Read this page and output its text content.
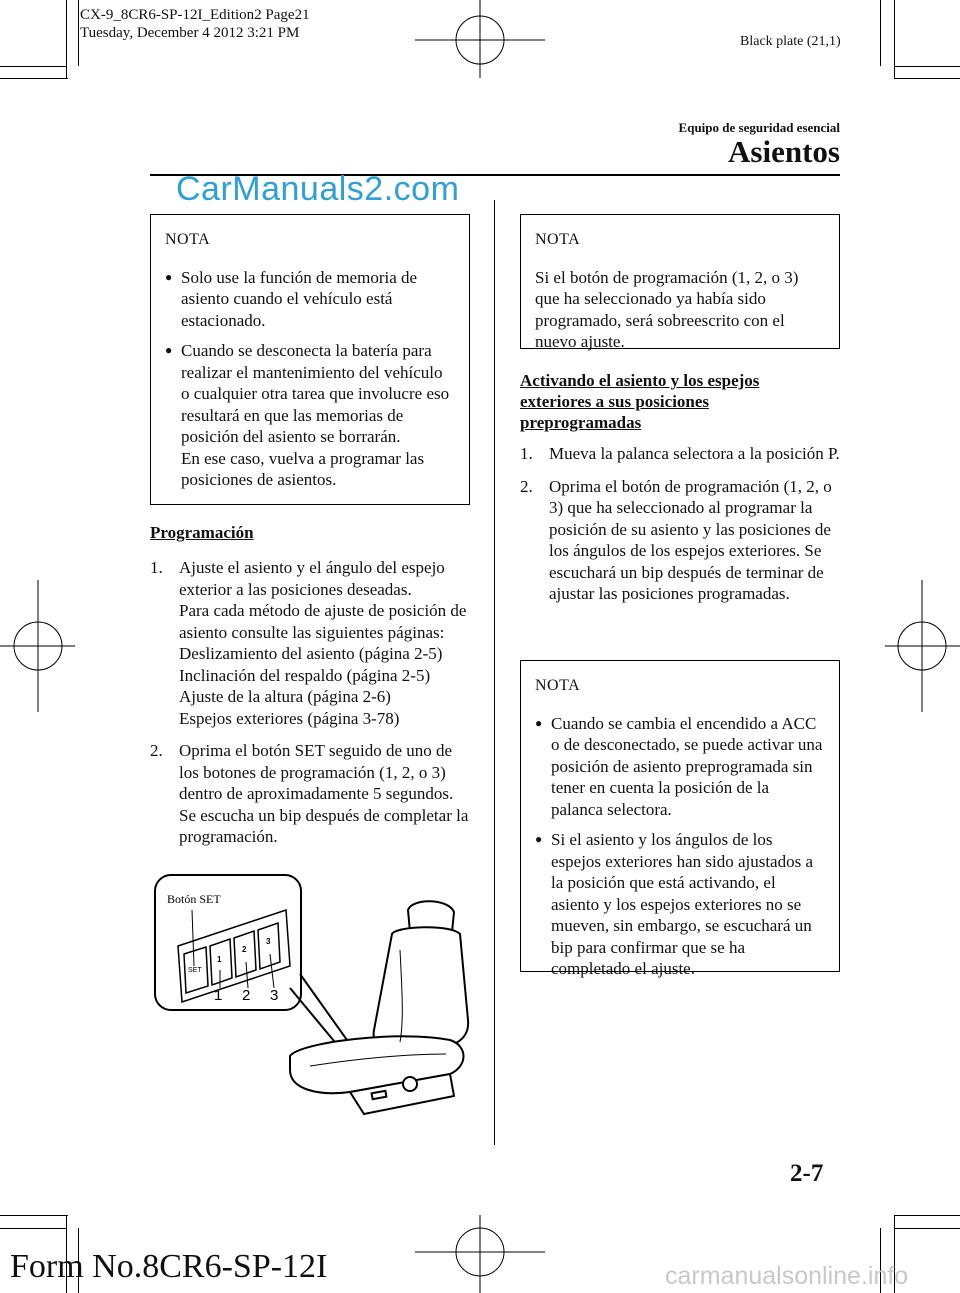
CX-9_8CR6-SP-12I_Edition2 Page21
Tuesday, December 4 2012 3:21 PM
Black plate (21,1)
Equipo de seguridad esencial
Asientos
CarManuals2.com
NOTA
● Solo use la función de memoria de asiento cuando el vehículo está estacionado.
● Cuando se desconecta la batería para realizar el mantenimiento del vehículo o cualquier otra tarea que involucre eso resultará en que las memorias de posición del asiento se borrarán.
En ese caso, vuelva a programar las posiciones de asientos.
Programación
1. Ajuste el asiento y el ángulo del espejo exterior a las posiciones deseadas.
Para cada método de ajuste de posición de asiento consulte las siguientes páginas:
Deslizamiento del asiento (página 2-5)
Inclinación del respaldo (página 2-5)
Ajuste de la altura (página 2-6)
Espejos exteriores (página 3-78)
2. Oprima el botón SET seguido de uno de los botones de programación (1, 2, o 3) dentro de aproximadamente 5 segundos. Se escucha un bip después de completar la programación.
Botón SET
SET
1
2
3
1 2 3
NOTA
Si el botón de programación (1, 2, o 3) que ha seleccionado ya había sido programado, será sobreescrito con el nuevo ajuste.
Activando el asiento y los espejos
exteriores a sus posiciones
preprogramadas
1. Mueva la palanca selectora a la posición P.
2. Oprima el botón de programación (1, 2, o 3) que ha seleccionado al programar la posición de su asiento y las posiciones de los ángulos de los espejos exteriores. Se escuchará un bip después de terminar de ajustar las posiciones programadas.
NOTA
● Cuando se cambia el encendido a ACC o de desconectado, se puede activar una posición de asiento preprogramada sin tener en cuenta la posición de la palanca selectora.
● Si el asiento y los ángulos de los espejos exteriores han sido ajustados a la posición que está activando, el asiento y los espejos exteriores no se mueven, sin embargo, se escuchará un bip para confirmar que se ha completado el ajuste.
2-7
Form No.8CR6-SP-12I	carmanualsonline.info
